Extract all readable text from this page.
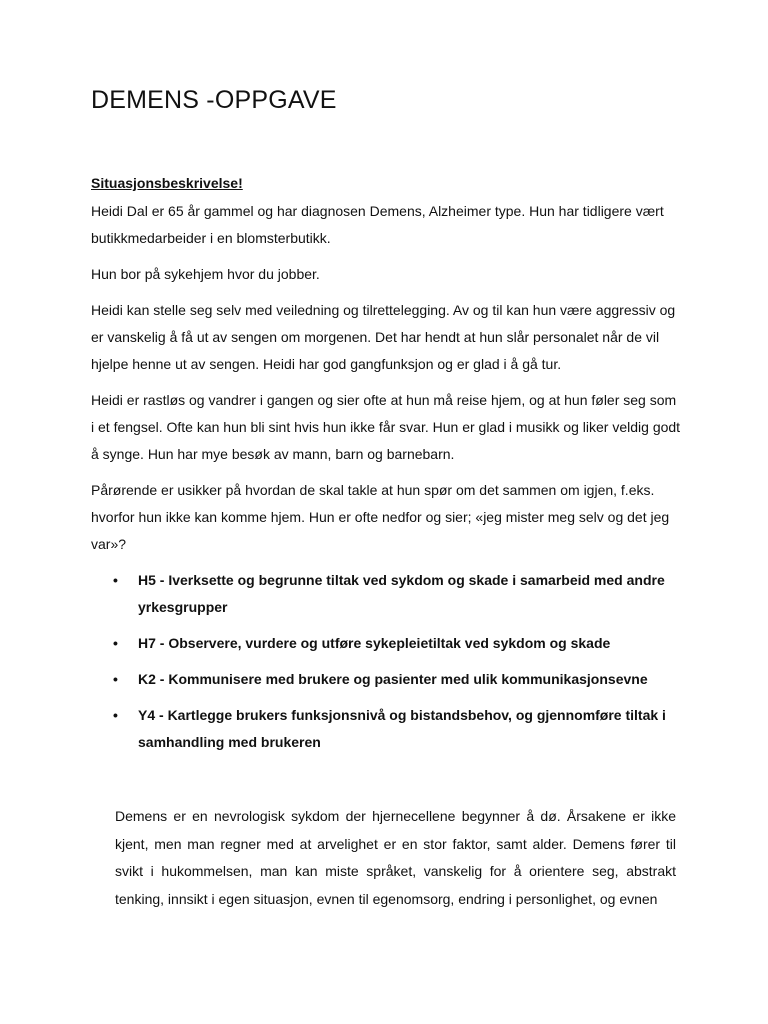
DEMENS -OPPGAVE

Situasjonsbeskrivelse!

Heidi Dal er 65 år gammel og har diagnosen Demens, Alzheimer type. Hun har tidligere vært butikkmedarbeider i en blomsterbutikk.

Hun bor på sykehjem hvor du jobber.

Heidi kan stelle seg selv med veiledning og tilrettelegging. Av og til kan hun være aggressiv og er vanskelig å få ut av sengen om morgenen. Det har hendt at hun slår personalet når de vil hjelpe henne ut av sengen. Heidi har god gangfunksjon og er glad i å gå tur.

Heidi er rastløs og vandrer i gangen og sier ofte at hun må reise hjem, og at hun føler seg som i et fengsel. Ofte kan hun bli sint hvis hun ikke får svar. Hun er glad i musikk og liker veldig godt å synge. Hun har mye besøk av mann, barn og barnebarn.

Pårørende er usikker på hvordan de skal takle at hun spør om det sammen om igjen, f.eks. hvorfor hun ikke kan komme hjem. Hun er ofte nedfor og sier; «jeg mister meg selv og det jeg var»?

• H5 - Iverksette og begrunne tiltak ved sykdom og skade i samarbeid med andre yrkesgrupper
• H7 - Observere, vurdere og utføre sykepleietiltak ved sykdom og skade
• K2 - Kommunisere med brukere og pasienter med ulik kommunikasjonsevne
• Y4 - Kartlegge brukers funksjonsnivå og bistandsbehov, og gjennomføre tiltak i samhandling med brukeren

Demens er en nevrologisk sykdom der hjernecellene begynner å dø. Årsakene er ikke kjent, men man regner med at arvelighet er en stor faktor, samt alder. Demens fører til svikt i hukommelsen, man kan miste språket, vanskelig for å orientere seg, abstrakt tenking, innsikt i egen situasjon, evnen til egenomsorg, endring i personlighet, og evnen
